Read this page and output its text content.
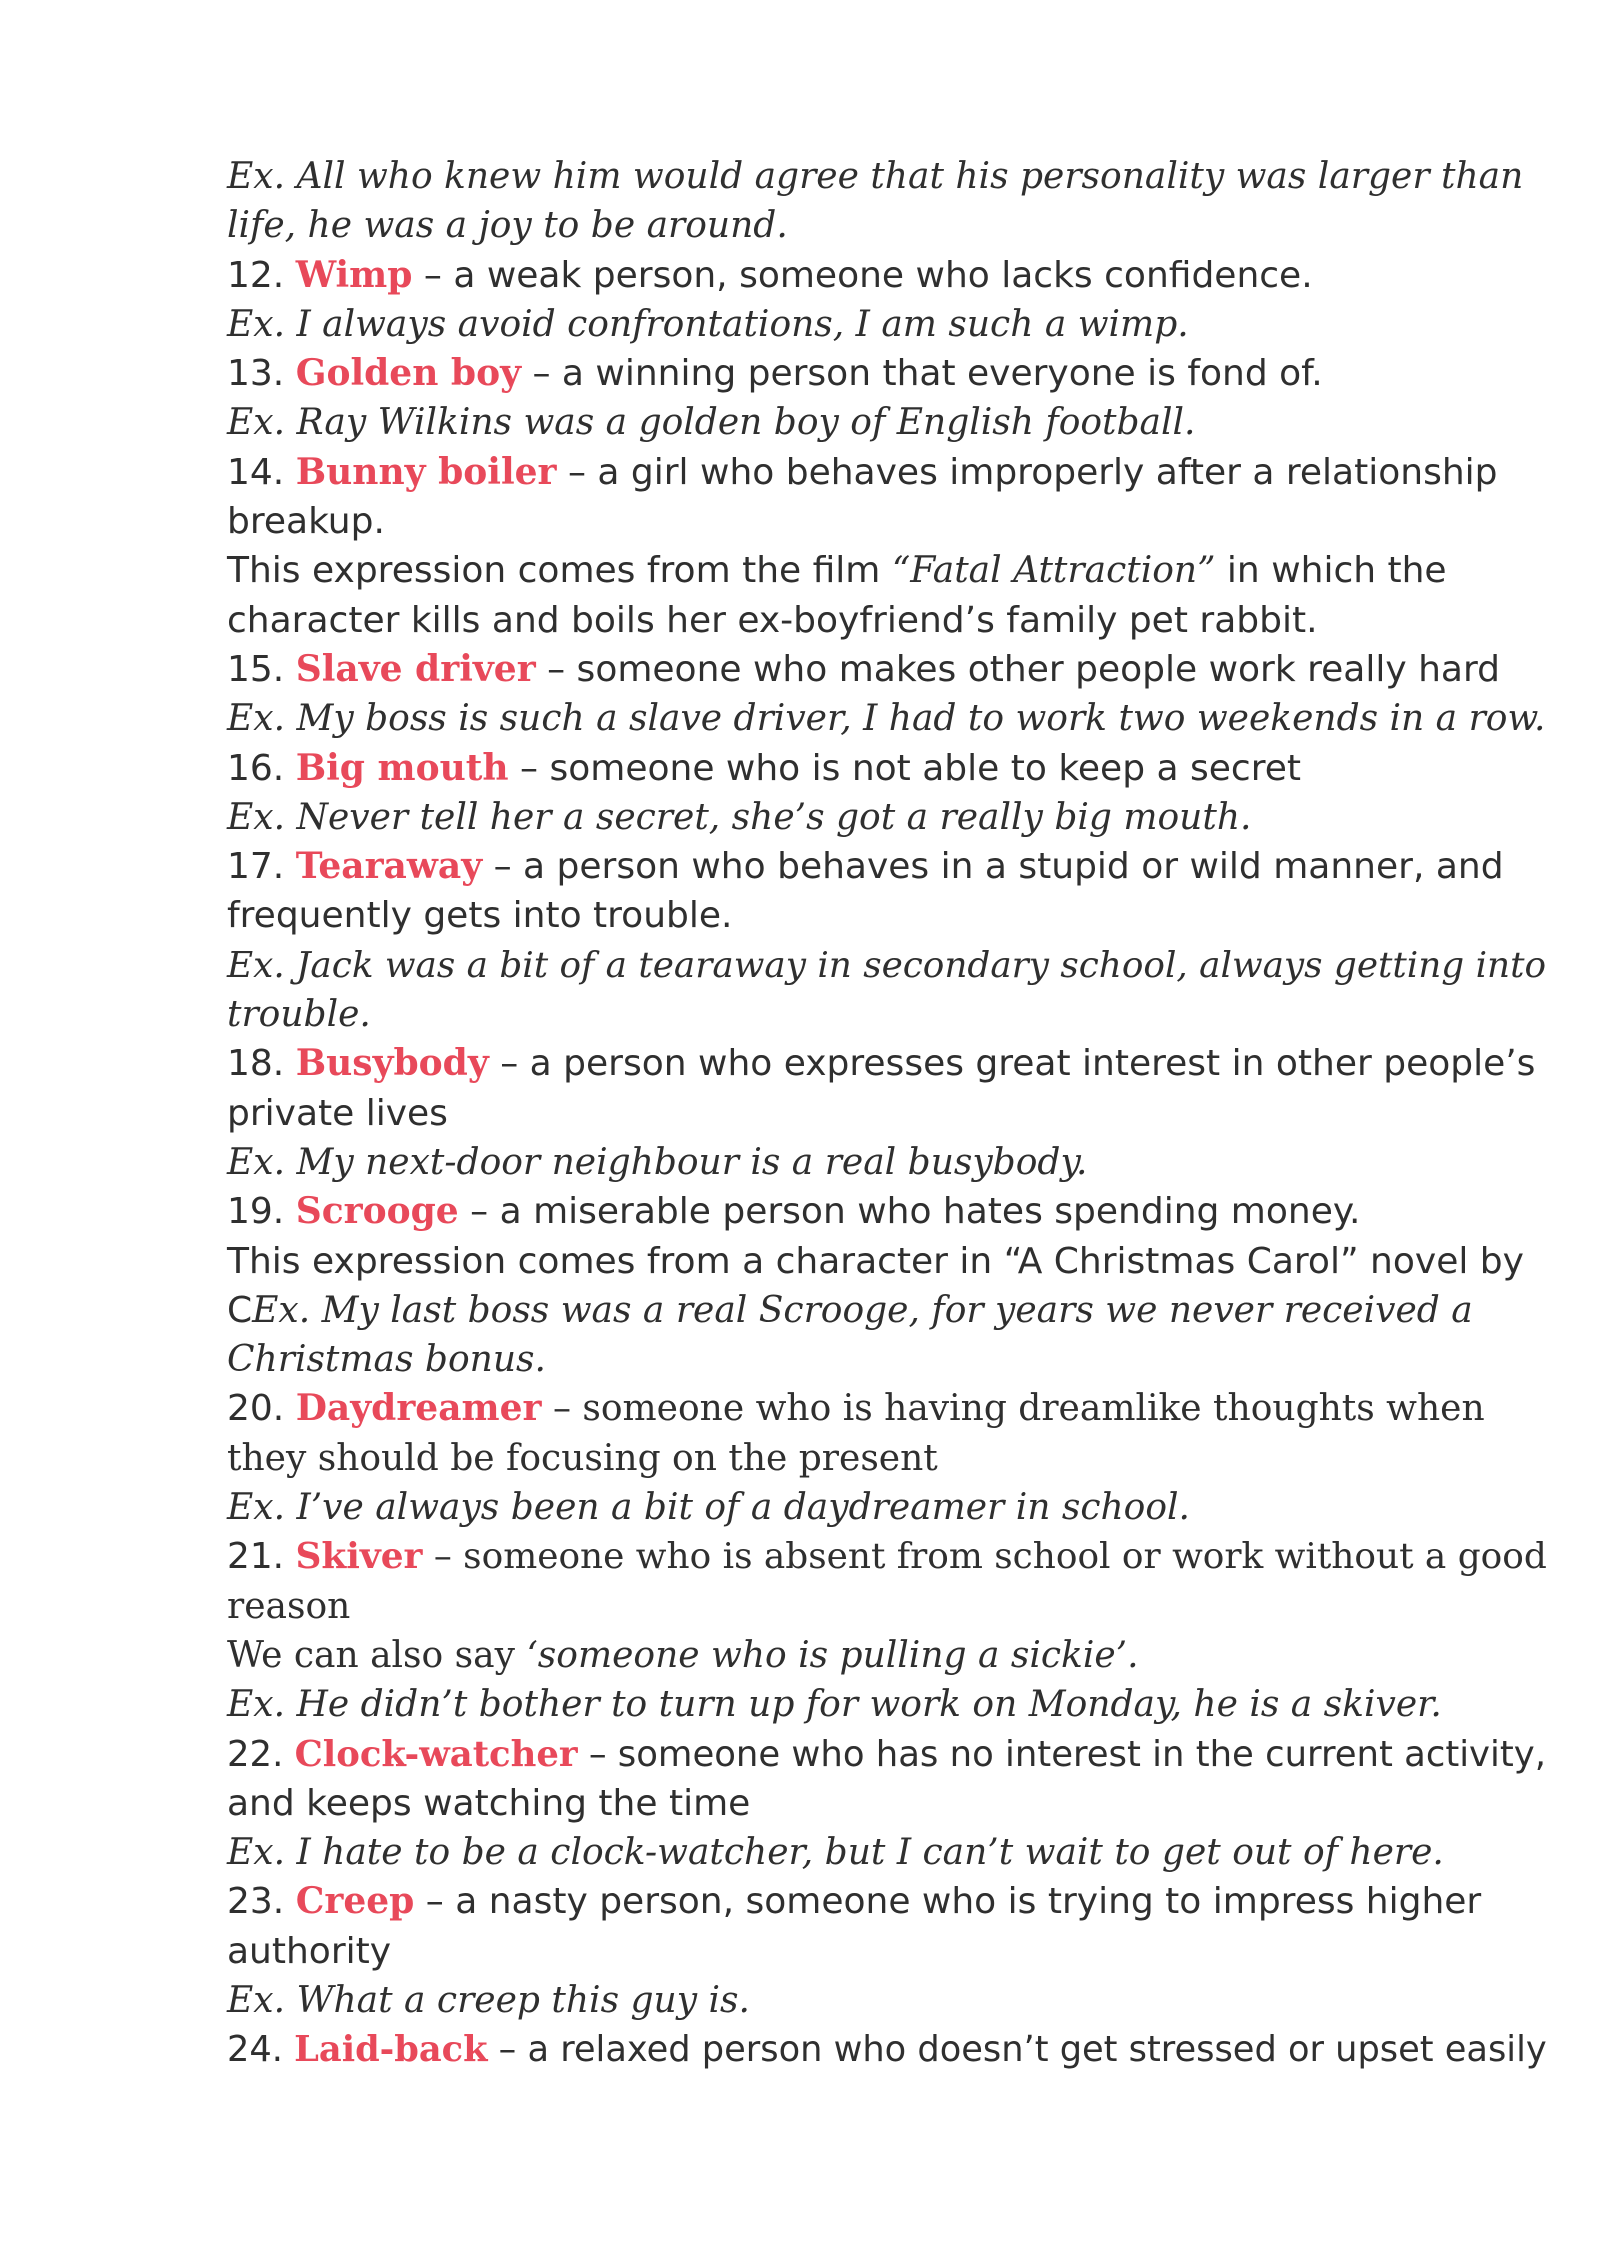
Ex. All who knew him would agree that his personality was larger than
life, he was a joy to be around.
12. Wimp – a weak person, someone who lacks confidence.
Ex. I always avoid confrontations, I am such a wimp.
13. Golden boy – a winning person that everyone is fond of.
Ex. Ray Wilkins was a golden boy of English football.
14. Bunny boiler – a girl who behaves improperly after a relationship
breakup.
This expression comes from the film “Fatal Attraction” in which the
character kills and boils her ex-boyfriend’s family pet rabbit.
15. Slave driver – someone who makes other people work really hard
Ex. My boss is such a slave driver, I had to work two weekends in a row.
16. Big mouth – someone who is not able to keep a secret
Ex. Never tell her a secret, she’s got a really big mouth.
17. Tearaway – a person who behaves in a stupid or wild manner, and
frequently gets into trouble.
Ex. Jack was a bit of a tearaway in secondary school, always getting into
trouble.
18. Busybody – a person who expresses great interest in other people’s
private lives
Ex. My next-door neighbour is a real busybody.
19. Scrooge – a miserable person who hates spending money.
This expression comes from a character in “A Christmas Carol” novel by
CEx. My last boss was a real Scrooge, for years we never received a
Christmas bonus.
20. Daydreamer – someone who is having dreamlike thoughts when
they should be focusing on the present
Ex. I’ve always been a bit of a daydreamer in school.
21. Skiver – someone who is absent from school or work without a good
reason
We can also say ‘someone who is pulling a sickie’.
Ex. He didn’t bother to turn up for work on Monday, he is a skiver.
22. Clock-watcher – someone who has no interest in the current activity,
and keeps watching the time
Ex. I hate to be a clock-watcher, but I can’t wait to get out of here.
23. Creep – a nasty person, someone who is trying to impress higher
authority
Ex. What a creep this guy is.
24. Laid-back – a relaxed person who doesn’t get stressed or upset easily
